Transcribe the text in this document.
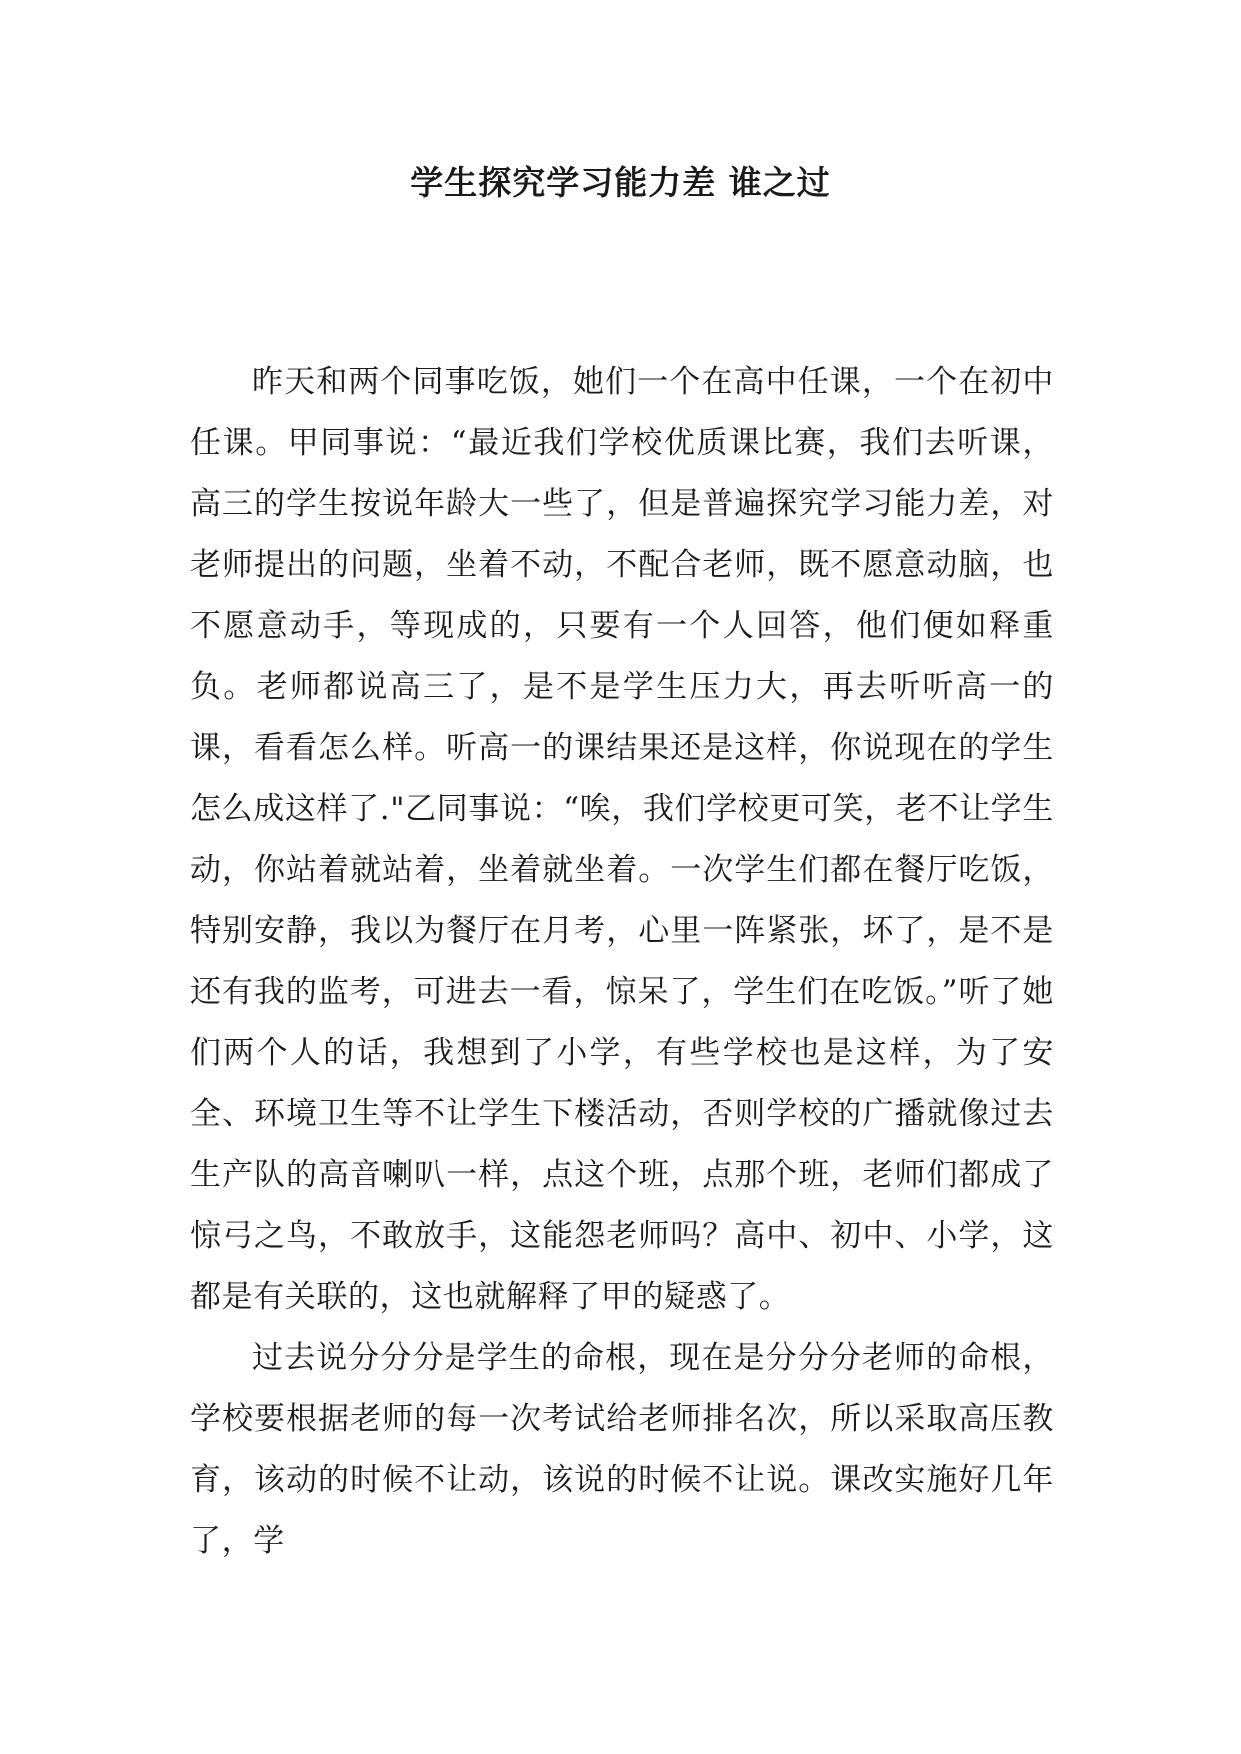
学生探究学习能力差 谁之过

昨天和两个同事吃饭，她们一个在高中任课，一个在初中任课。甲同事说：“最近我们学校优质课比赛，我们去听课，高三的学生按说年龄大一些了，但是普遍探究学习能力差，对老师提出的问题，坐着不动，不配合老师，既不愿意动脑，也不愿意动手，等现成的，只要有一个人回答，他们便如释重负。老师都说高三了，是不是学生压力大，再去听听高一的课，看看怎么样。听高一的课结果还是这样，你说现在的学生怎么成这样了."乙同事说：“唉，我们学校更可笑，老不让学生动，你站着就站着，坐着就坐着。一次学生们都在餐厅吃饭，特别安静，我以为餐厅在月考，心里一阵紧张，坏了，是不是还有我的监考，可进去一看，惊呆了，学生们在吃饭。”听了她们两个人的话，我想到了小学，有些学校也是这样，为了安全、环境卫生等不让学生下楼活动，否则学校的广播就像过去生产队的高音喇叭一样，点这个班，点那个班，老师们都成了惊弓之鸟，不敢放手，这能怨老师吗？高中、初中、小学，这都是有关联的，这也就解释了甲的疑惑了。

过去说分分分是学生的命根，现在是分分分老师的命根，学校要根据老师的每一次考试给老师排名次，所以采取高压教育，该动的时候不让动，该说的时候不让说。课改实施好几年了，学
